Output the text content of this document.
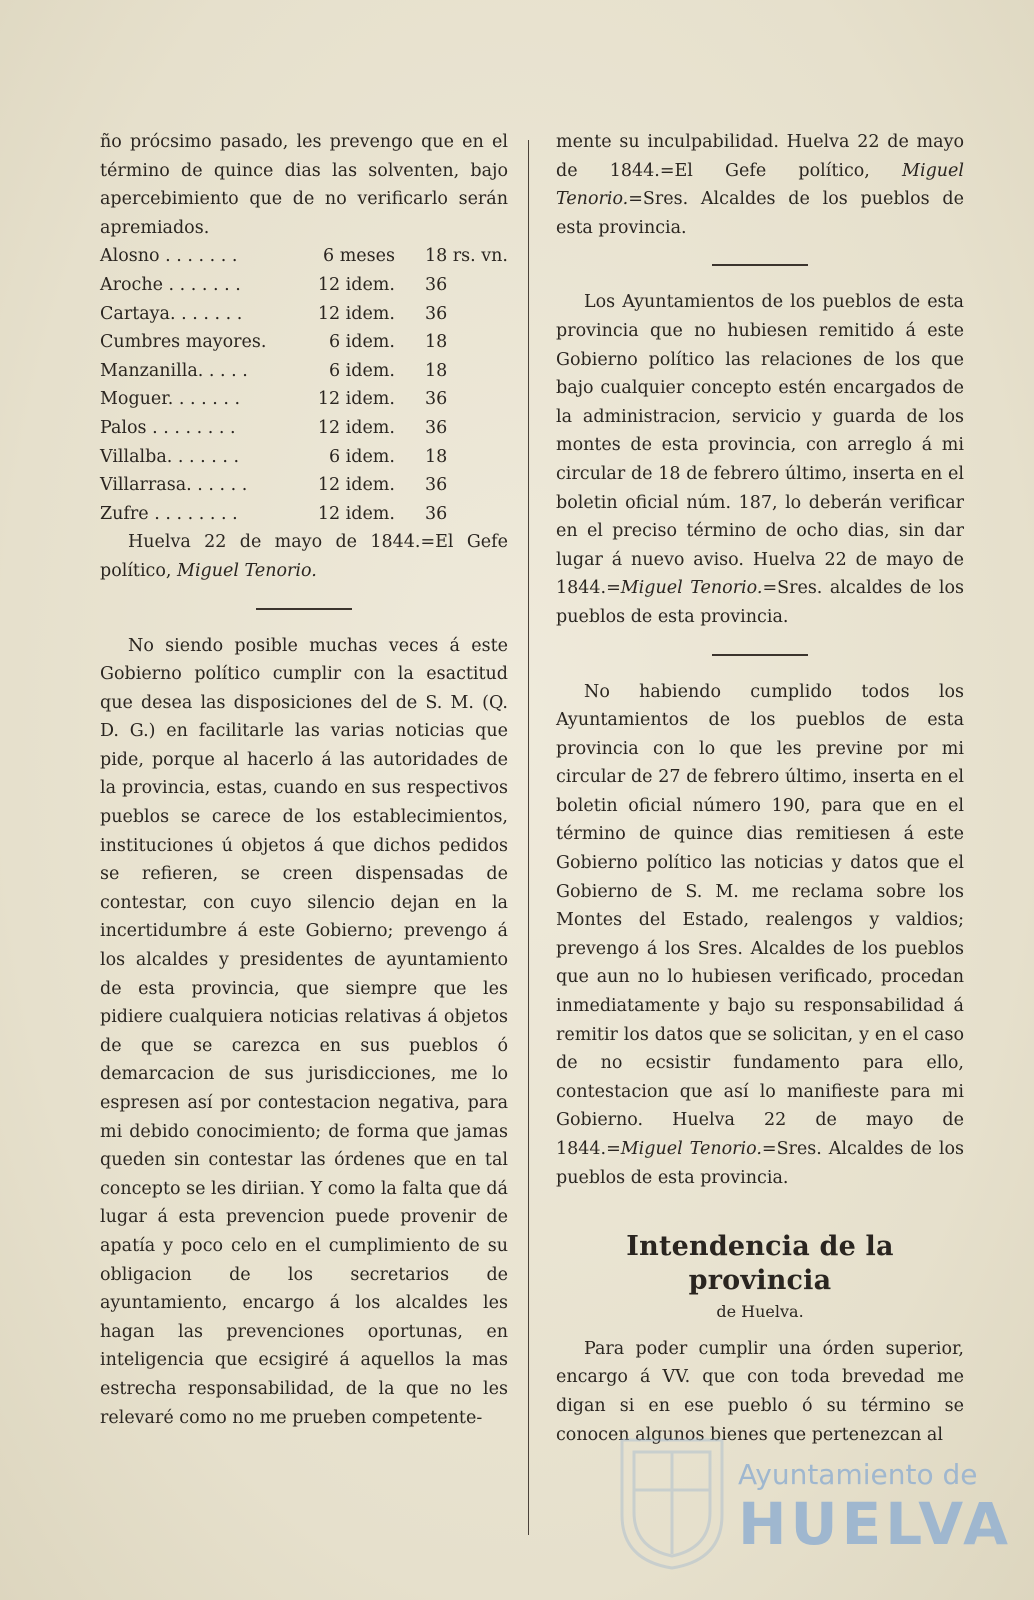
ño prócsimo pasado, les prevengo que en el término de quince dias las solventen, bajo apercebimiento que de no verificarlo serán apremiados.

Alosno . . . . . . .	6 meses	18 rs. vn.
Aroche . . . . . . .	12 idem.	36
Cartaya. . . . . . .	12 idem.	36
Cumbres mayores.	6 idem.	18
Manzanilla. . . . .	6 idem.	18
Moguer. . . . . . .	12 idem.	36
Palos . . . . . . . .	12 idem.	36
Villalba. . . . . . .	6 idem.	18
Villarrasa. . . . . .	12 idem.	36
Zufre . . . . . . . .	12 idem.	36

Huelva 22 de mayo de 1844.=El Gefe político, Miguel Tenorio.

No siendo posible muchas veces á este Gobierno político cumplir con la esactitud que desea las disposiciones del de S. M. (Q. D. G.) en facilitarle las varias noticias que pide, porque al hacerlo á las autoridades de la provincia, estas, cuando en sus respectivos pueblos se carece de los establecimientos, instituciones ú objetos á que dichos pedidos se refieren, se creen dispensadas de contestar, con cuyo silencio dejan en la incertidumbre á este Gobierno; prevengo á los alcaldes y presidentes de ayuntamiento de esta provincia, que siempre que les pidiere cualquiera noticias relativas á objetos de que se carezca en sus pueblos ó demarcacion de sus jurisdicciones, me lo espresen así por contestacion negativa, para mi debido conocimiento; de forma que jamas queden sin contestar las órdenes que en tal concepto se les diriian. Y como la falta que dá lugar á esta prevencion puede provenir de apatía y poco celo en el cumplimiento de su obligacion de los secretarios de ayuntamiento, encargo á los alcaldes les hagan las prevenciones oportunas, en inteligencia que ecsigiré á aquellos la mas estrecha responsabilidad, de la que no les relevaré como no me prueben competente-

mente su inculpabilidad. Huelva 22 de mayo de 1844.=El Gefe político, Miguel Tenorio.=Sres. Alcaldes de los pueblos de esta provincia.

Los Ayuntamientos de los pueblos de esta provincia que no hubiesen remitido á este Gobierno político las relaciones de los que bajo cualquier concepto estén encargados de la administracion, servicio y guarda de los montes de esta provincia, con arreglo á mi circular de 18 de febrero último, inserta en el boletin oficial núm. 187, lo deberán verificar en el preciso término de ocho dias, sin dar lugar á nuevo aviso. Huelva 22 de mayo de 1844.=Miguel Tenorio.=Sres. alcaldes de los pueblos de esta provincia.

No habiendo cumplido todos los Ayuntamientos de los pueblos de esta provincia con lo que les previne por mi circular de 27 de febrero último, inserta en el boletin oficial número 190, para que en el término de quince dias remitiesen á este Gobierno político las noticias y datos que el Gobierno de S. M. me reclama sobre los Montes del Estado, realengos y valdios; prevengo á los Sres. Alcaldes de los pueblos que aun no lo hubiesen verificado, procedan inmediatamente y bajo su responsabilidad á remitir los datos que se solicitan, y en el caso de no ecsistir fundamento para ello, contestacion que así lo manifieste para mi Gobierno. Huelva 22 de mayo de 1844.=Miguel Tenorio.=Sres. Alcaldes de los pueblos de esta provincia.

Intendencia de la provincia
de Huelva.

Para poder cumplir una órden superior, encargo á VV. que con toda brevedad me digan si en ese pueblo ó su término se conocen algunos bienes que pertenezcan al

Ayuntamiento de
HUELVA
